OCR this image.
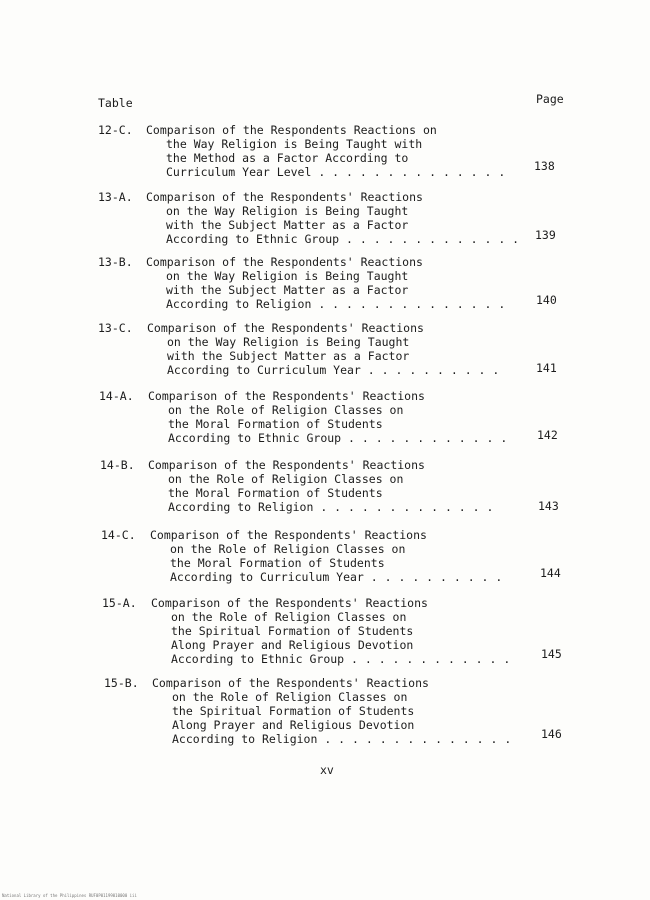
Table	Page
12-C. Comparison of the Respondents Reactions on
the Way Religion is Being Taught with
the Method as a Factor According to
Curriculum Year Level . . . . . . . . . . . . . . 138
13-A. Comparison of the Respondents' Reactions
on the Way Religion is Being Taught
with the Subject Matter as a Factor
According to Ethnic Group . . . . . . . . . . . . . 139
13-B. Comparison of the Respondents' Reactions
on the Way Religion is Being Taught
with the Subject Matter as a Factor
According to Religion . . . . . . . . . . . . . .	140
13-C. Comparison of the Respondents' Reactions
on the Way Religion is Being Taught
with the Subject Matter as a Factor
According to Curriculum Year . . . . . . . . . .	141
14-A. Comparison of the Respondents' Reactions
on the Role of Religion Classes on
the Moral Formation of Students
According to Ethnic Group . . . . . . . . . . . .	142
14-B. Comparison of the Respondents' Reactions
on the Role of Religion Classes on
the Moral Formation of Students
According to Religion . . . . . . . . . . . . .	143
14-C. Comparison of the Respondents' Reactions
on the Role of Religion Classes on
the Moral Formation of Students
According to Curriculum Year . . . . . . . . . .	144
15-A. Comparison of the Respondents' Reactions
on the Role of Religion Classes on
the Spiritual Formation of Students
Along Prayer and Religious Devotion
According to Ethnic Group . . . . . . . . . . . .	145
15-B. Comparison of the Respondents' Reactions
on the Role of Religion Classes on
the Spiritual Formation of Students
Along Prayer and Religious Devotion
According to Religion . . . . . . . . . . . . . .	146
xv
National Library of the Philippines RUF0P01199010000 iii
